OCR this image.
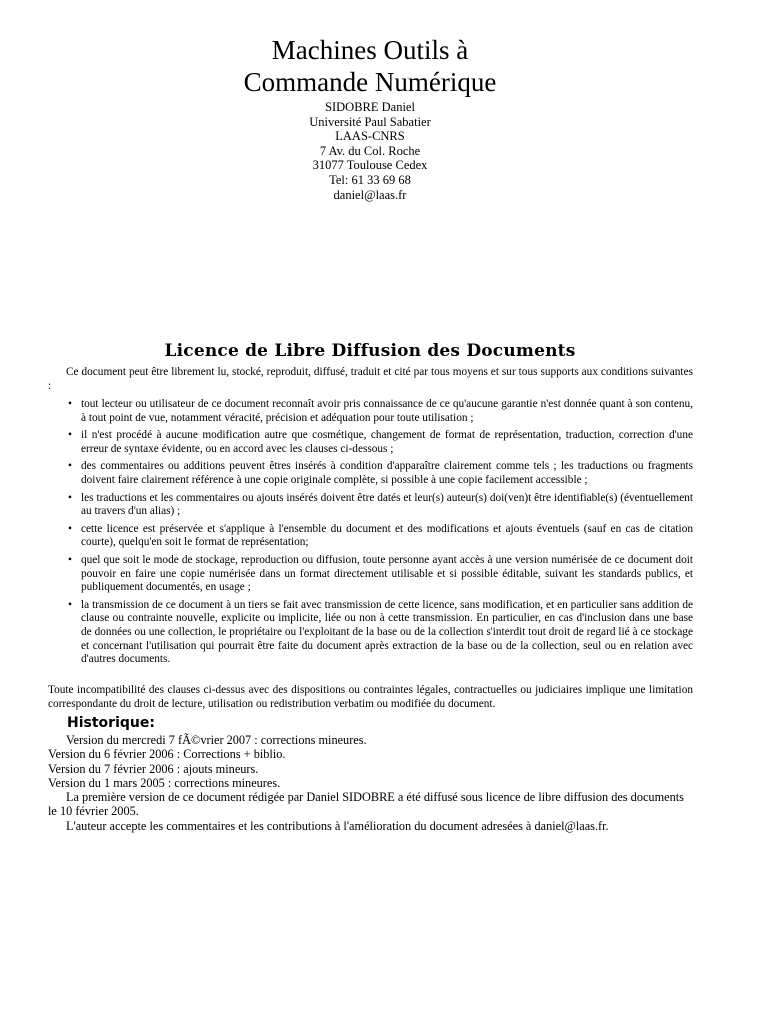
Machines Outils à
Commande Numérique
SIDOBRE Daniel
Université Paul Sabatier
LAAS-CNRS
7 Av. du Col. Roche
31077 Toulouse Cedex
Tel: 61 33 69 68
daniel@laas.fr
Licence de Libre Diffusion des Documents
Ce document peut être librement lu, stocké, reproduit, diffusé, traduit et cité par tous moyens et sur tous supports aux conditions suivantes :
• tout lecteur ou utilisateur de ce document reconnaît avoir pris connaissance de ce qu'aucune garantie n'est donnée quant à son contenu, à tout point de vue, notamment véracité, précision et adéquation pour toute utilisation ;
• il n'est procédé à aucune modification autre que cosmétique, changement de format de représentation, traduction, correction d'une erreur de syntaxe évidente, ou en accord avec les clauses ci-dessous ;
• des commentaires ou additions peuvent êtres insérés à condition d'apparaître clairement comme tels ; les traductions ou fragments doivent faire clairement référence à une copie originale complète, si possible à une copie facilement accessible ;
• les traductions et les commentaires ou ajouts insérés doivent être datés et leur(s) auteur(s) doi(ven)t être identifiable(s) (éventuellement au travers d'un alias) ;
• cette licence est préservée et s'applique à l'ensemble du document et des modifications et ajouts éventuels (sauf en cas de citation courte), quelqu'en soit le format de représentation;
• quel que soit le mode de stockage, reproduction ou diffusion, toute personne ayant accès à une version numérisée de ce document doit pouvoir en faire une copie numérisée dans un format directement utilisable et si possible éditable, suivant les standards publics, et publiquement documentés, en usage ;
• la transmission de ce document à un tiers se fait avec transmission de cette licence, sans modification, et en particulier sans addition de clause ou contrainte nouvelle, explicite ou implicite, liée ou non à cette transmission. En particulier, en cas d'inclusion dans une base de données ou une collection, le propriétaire ou l'exploitant de la base ou de la collection s'interdit tout droit de regard lié à ce stockage et concernant l'utilisation qui pourrait être faite du document après extraction de la base ou de la collection, seul ou en relation avec d'autres documents.
Toute incompatibilité des clauses ci-dessus avec des dispositions ou contraintes légales, contractuelles ou judiciaires implique une limitation correspondante du droit de lecture, utilisation ou redistribution verbatim ou modifiée du document.
Historique:

Version du mercredi 7 fÃ©vrier 2007 : corrections mineures.

Version du 6 février 2006 : Corrections + biblio.

Version du 7 février 2006 : ajouts mineurs.

Version du 1 mars 2005 : corrections mineures.

La première version de ce document rédigée par Daniel SIDOBRE a été diffusé sous licence de libre diffusion des documents le 10 février 2005.

L'auteur accepte les commentaires et les contributions à l'amélioration du document adresées à daniel@laas.fr.
